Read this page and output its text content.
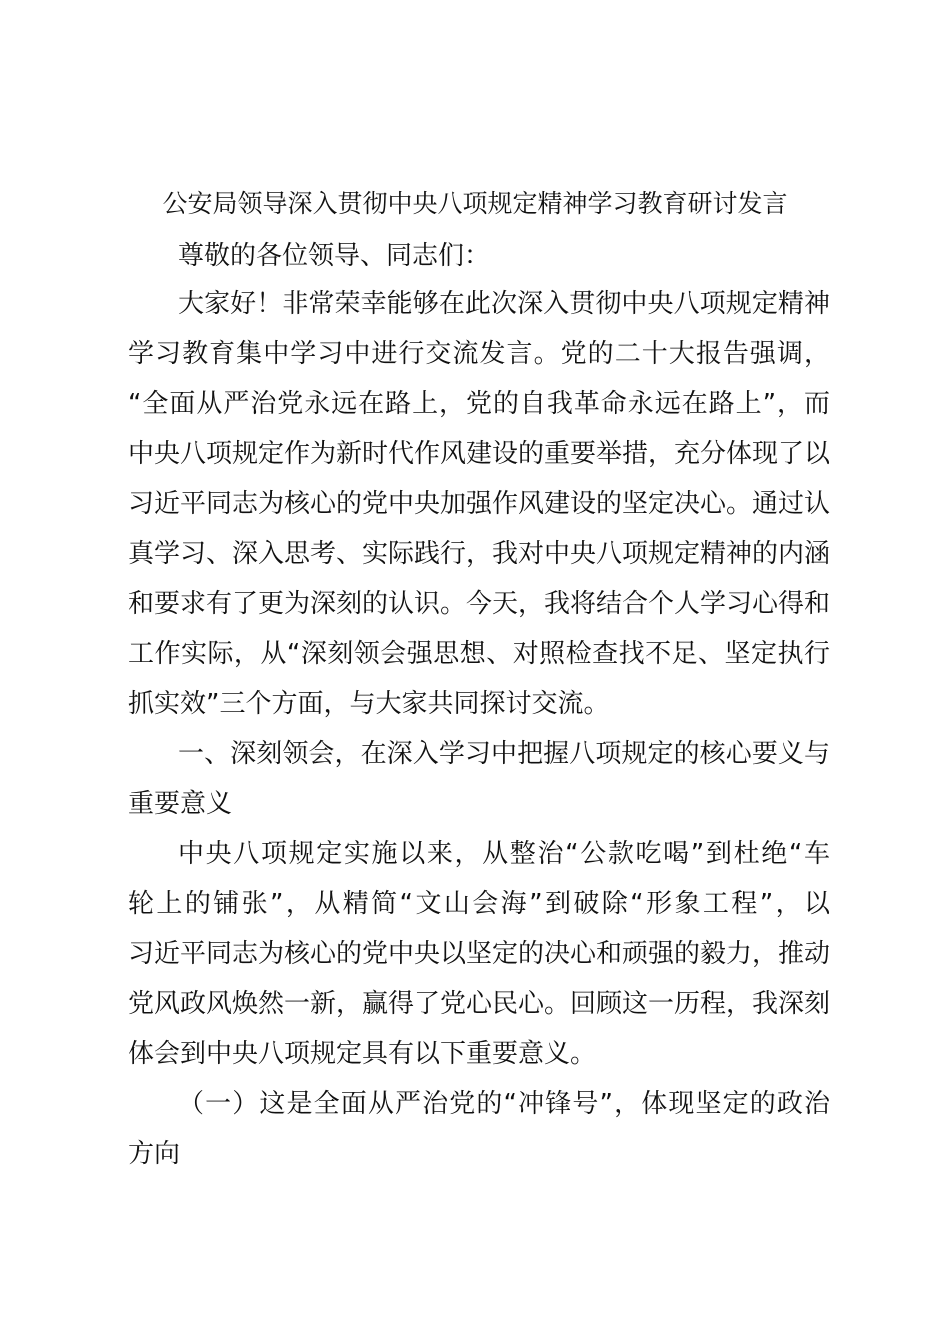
公安局领导深入贯彻中央八项规定精神学习教育研讨发言
尊敬的各位领导、同志们：
大家好！非常荣幸能够在此次深入贯彻中央八项规定精神
学习教育集中学习中进行交流发言。党的二十大报告强调，
“全面从严治党永远在路上，党的自我革命永远在路上”，而
中央八项规定作为新时代作风建设的重要举措，充分体现了以
习近平同志为核心的党中央加强作风建设的坚定决心。通过认
真学习、深入思考、实际践行，我对中央八项规定精神的内涵
和要求有了更为深刻的认识。今天，我将结合个人学习心得和
工作实际，从“深刻领会强思想、对照检查找不足、坚定执行
抓实效”三个方面，与大家共同探讨交流。
一、深刻领会，在深入学习中把握八项规定的核心要义与
重要意义
中央八项规定实施以来，从整治“公款吃喝”到杜绝“车
轮上的铺张”，从精简“文山会海”到破除“形象工程”，以
习近平同志为核心的党中央以坚定的决心和顽强的毅力，推动
党风政风焕然一新，赢得了党心民心。回顾这一历程，我深刻
体会到中央八项规定具有以下重要意义。
（一）这是全面从严治党的“冲锋号”，体现坚定的政治
方向
